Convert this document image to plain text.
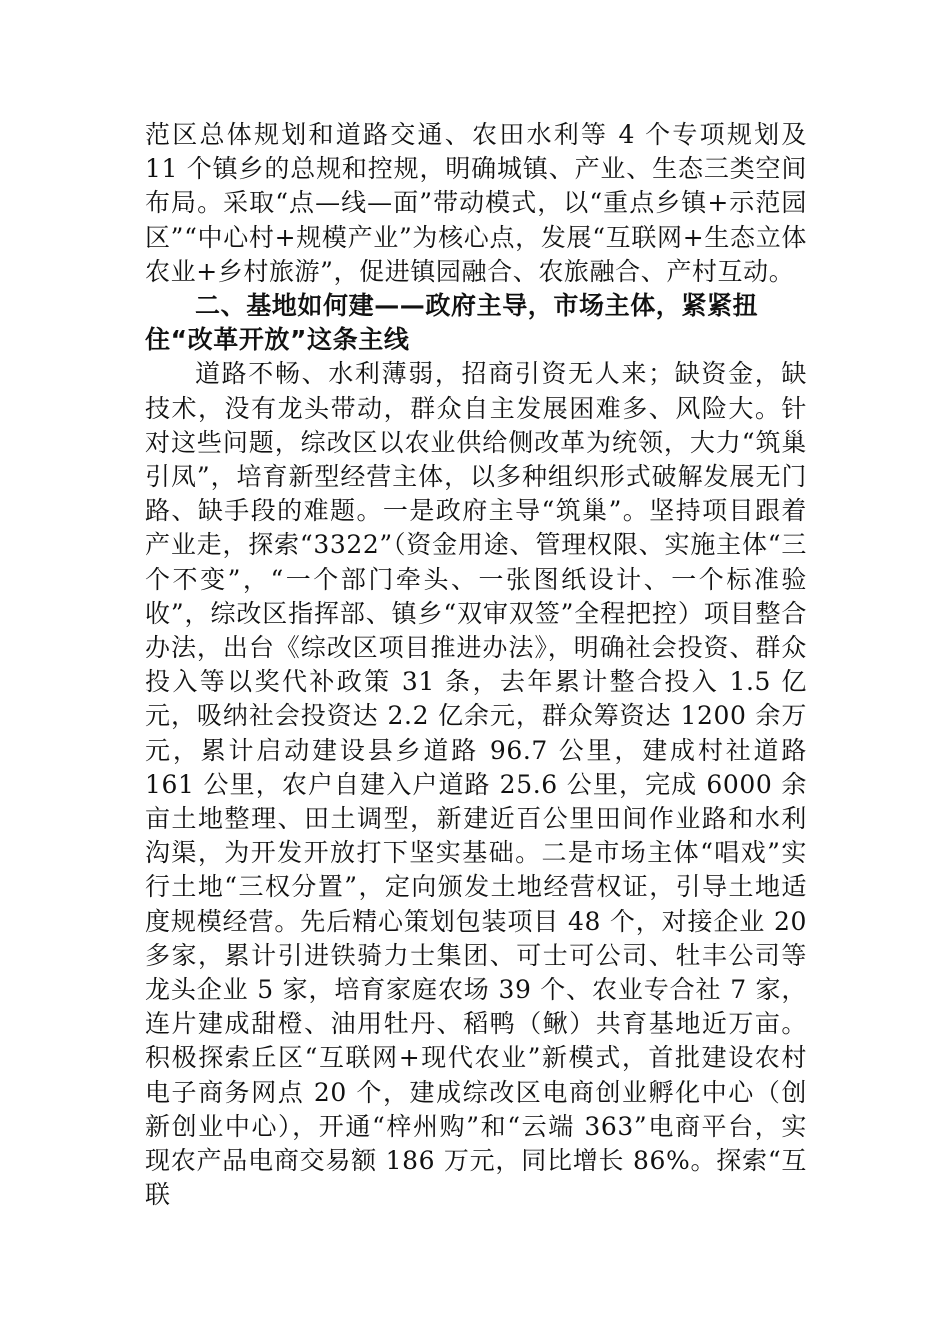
范区总体规划和道路交通、农田水利等 4 个专项规划及 11 个镇乡的总规和控规，明确城镇、产业、生态三类空间布局。采取“点—线—面”带动模式，以“重点乡镇+示范园区”“中心村+规模产业”为核心点，发展“互联网+生态立体农业+乡村旅游”，促进镇园融合、农旅融合、产村互动。

二、基地如何建——政府主导，市场主体，紧紧扭住“改革开放”这条主线

道路不畅、水利薄弱，招商引资无人来；缺资金，缺技术，没有龙头带动，群众自主发展困难多、风险大。针对这些问题，综改区以农业供给侧改革为统领，大力“筑巢引凤”，培育新型经营主体，以多种组织形式破解发展无门路、缺手段的难题。一是政府主导“筑巢”。坚持项目跟着产业走，探索“3322”（资金用途、管理权限、实施主体“三个不变”，“一个部门牵头、一张图纸设计、一个标准验收”，综改区指挥部、镇乡“双审双签”全程把控）项目整合办法，出台《综改区项目推进办法》，明确社会投资、群众投入等以奖代补政策 31 条，去年累计整合投入 1.5 亿元，吸纳社会投资达 2.2 亿余元，群众筹资达 1200 余万元，累计启动建设县乡道路 96.7 公里，建成村社道路 161 公里，农户自建入户道路 25.6 公里，完成 6000 余亩土地整理、田土调型，新建近百公里田间作业路和水利沟渠，为开发开放打下坚实基础。二是市场主体“唱戏”实行土地“三权分置”，定向颁发土地经营权证，引导土地适度规模经营。先后精心策划包装项目 48 个，对接企业 20 多家，累计引进铁骑力士集团、可士可公司、牡丰公司等龙头企业 5 家，培育家庭农场 39 个、农业专合社 7 家，连片建成甜橙、油用牡丹、稻鸭（鳅）共育基地近万亩。积极探索丘区“互联网+现代农业”新模式，首批建设农村电子商务网点 20 个，建成综改区电商创业孵化中心（创新创业中心），开通“梓州购”和“云端 363”电商平台，实现农产品电商交易额 186 万元，同比增长 86%。探索“互联
